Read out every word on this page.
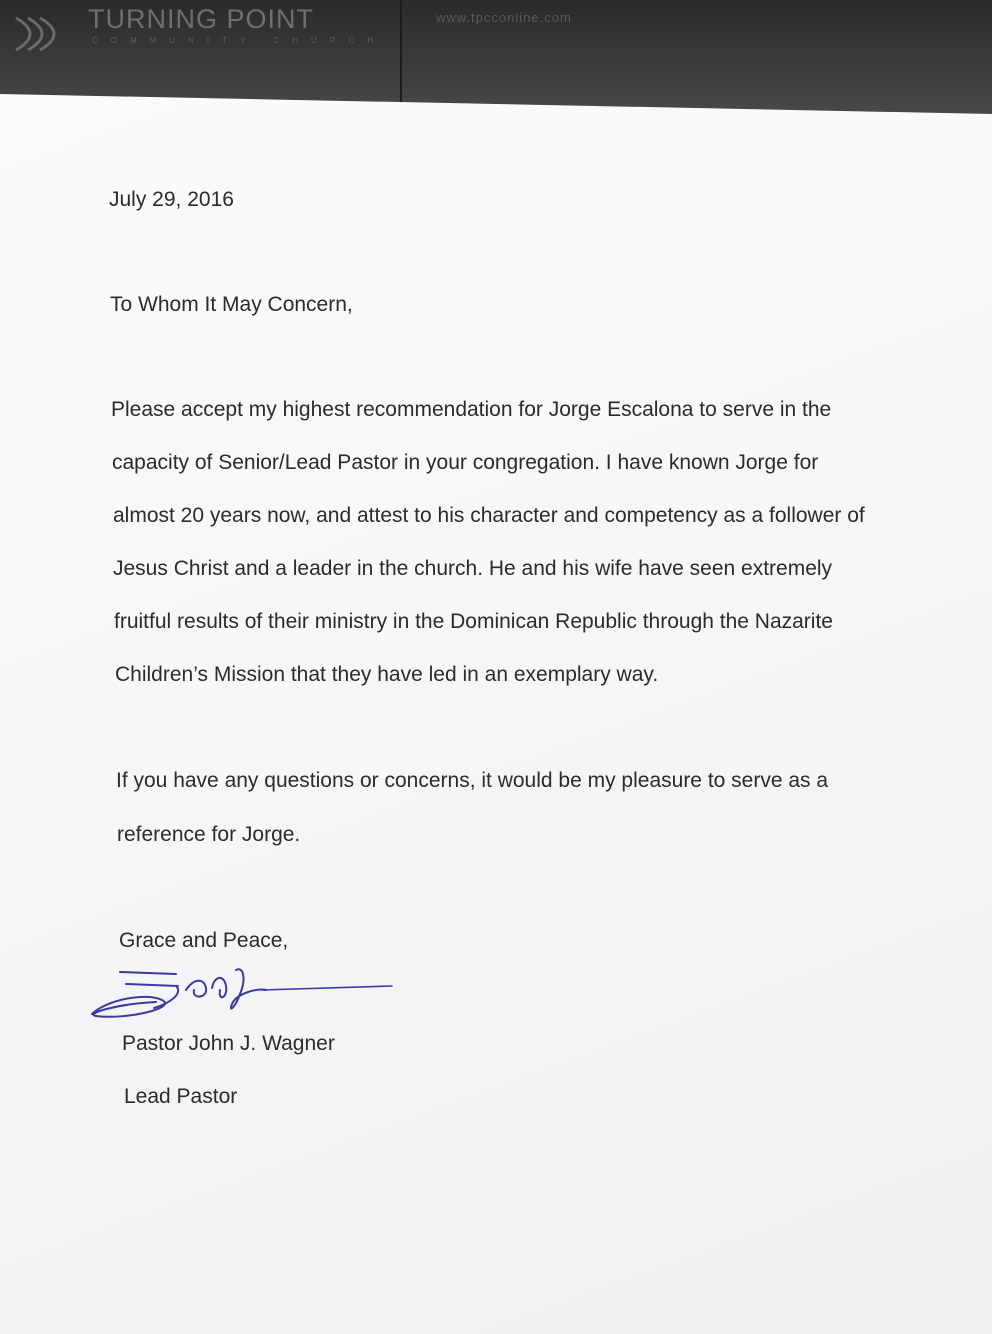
TURNING POINT
COMMUNITY CHURCH
www.tpcconline.com
July 29, 2016
To Whom It May Concern,
Please accept my highest recommendation for Jorge Escalona to serve in the
capacity of Senior/Lead Pastor in your congregation. I have known Jorge for
almost 20 years now, and attest to his character and competency as a follower of
Jesus Christ and a leader in the church. He and his wife have seen extremely
fruitful results of their ministry in the Dominican Republic through the Nazarite
Children’s Mission that they have led in an exemplary way.
If you have any questions or concerns, it would be my pleasure to serve as a
reference for Jorge.
Grace and Peace,
Pastor John J. Wagner
Lead Pastor
